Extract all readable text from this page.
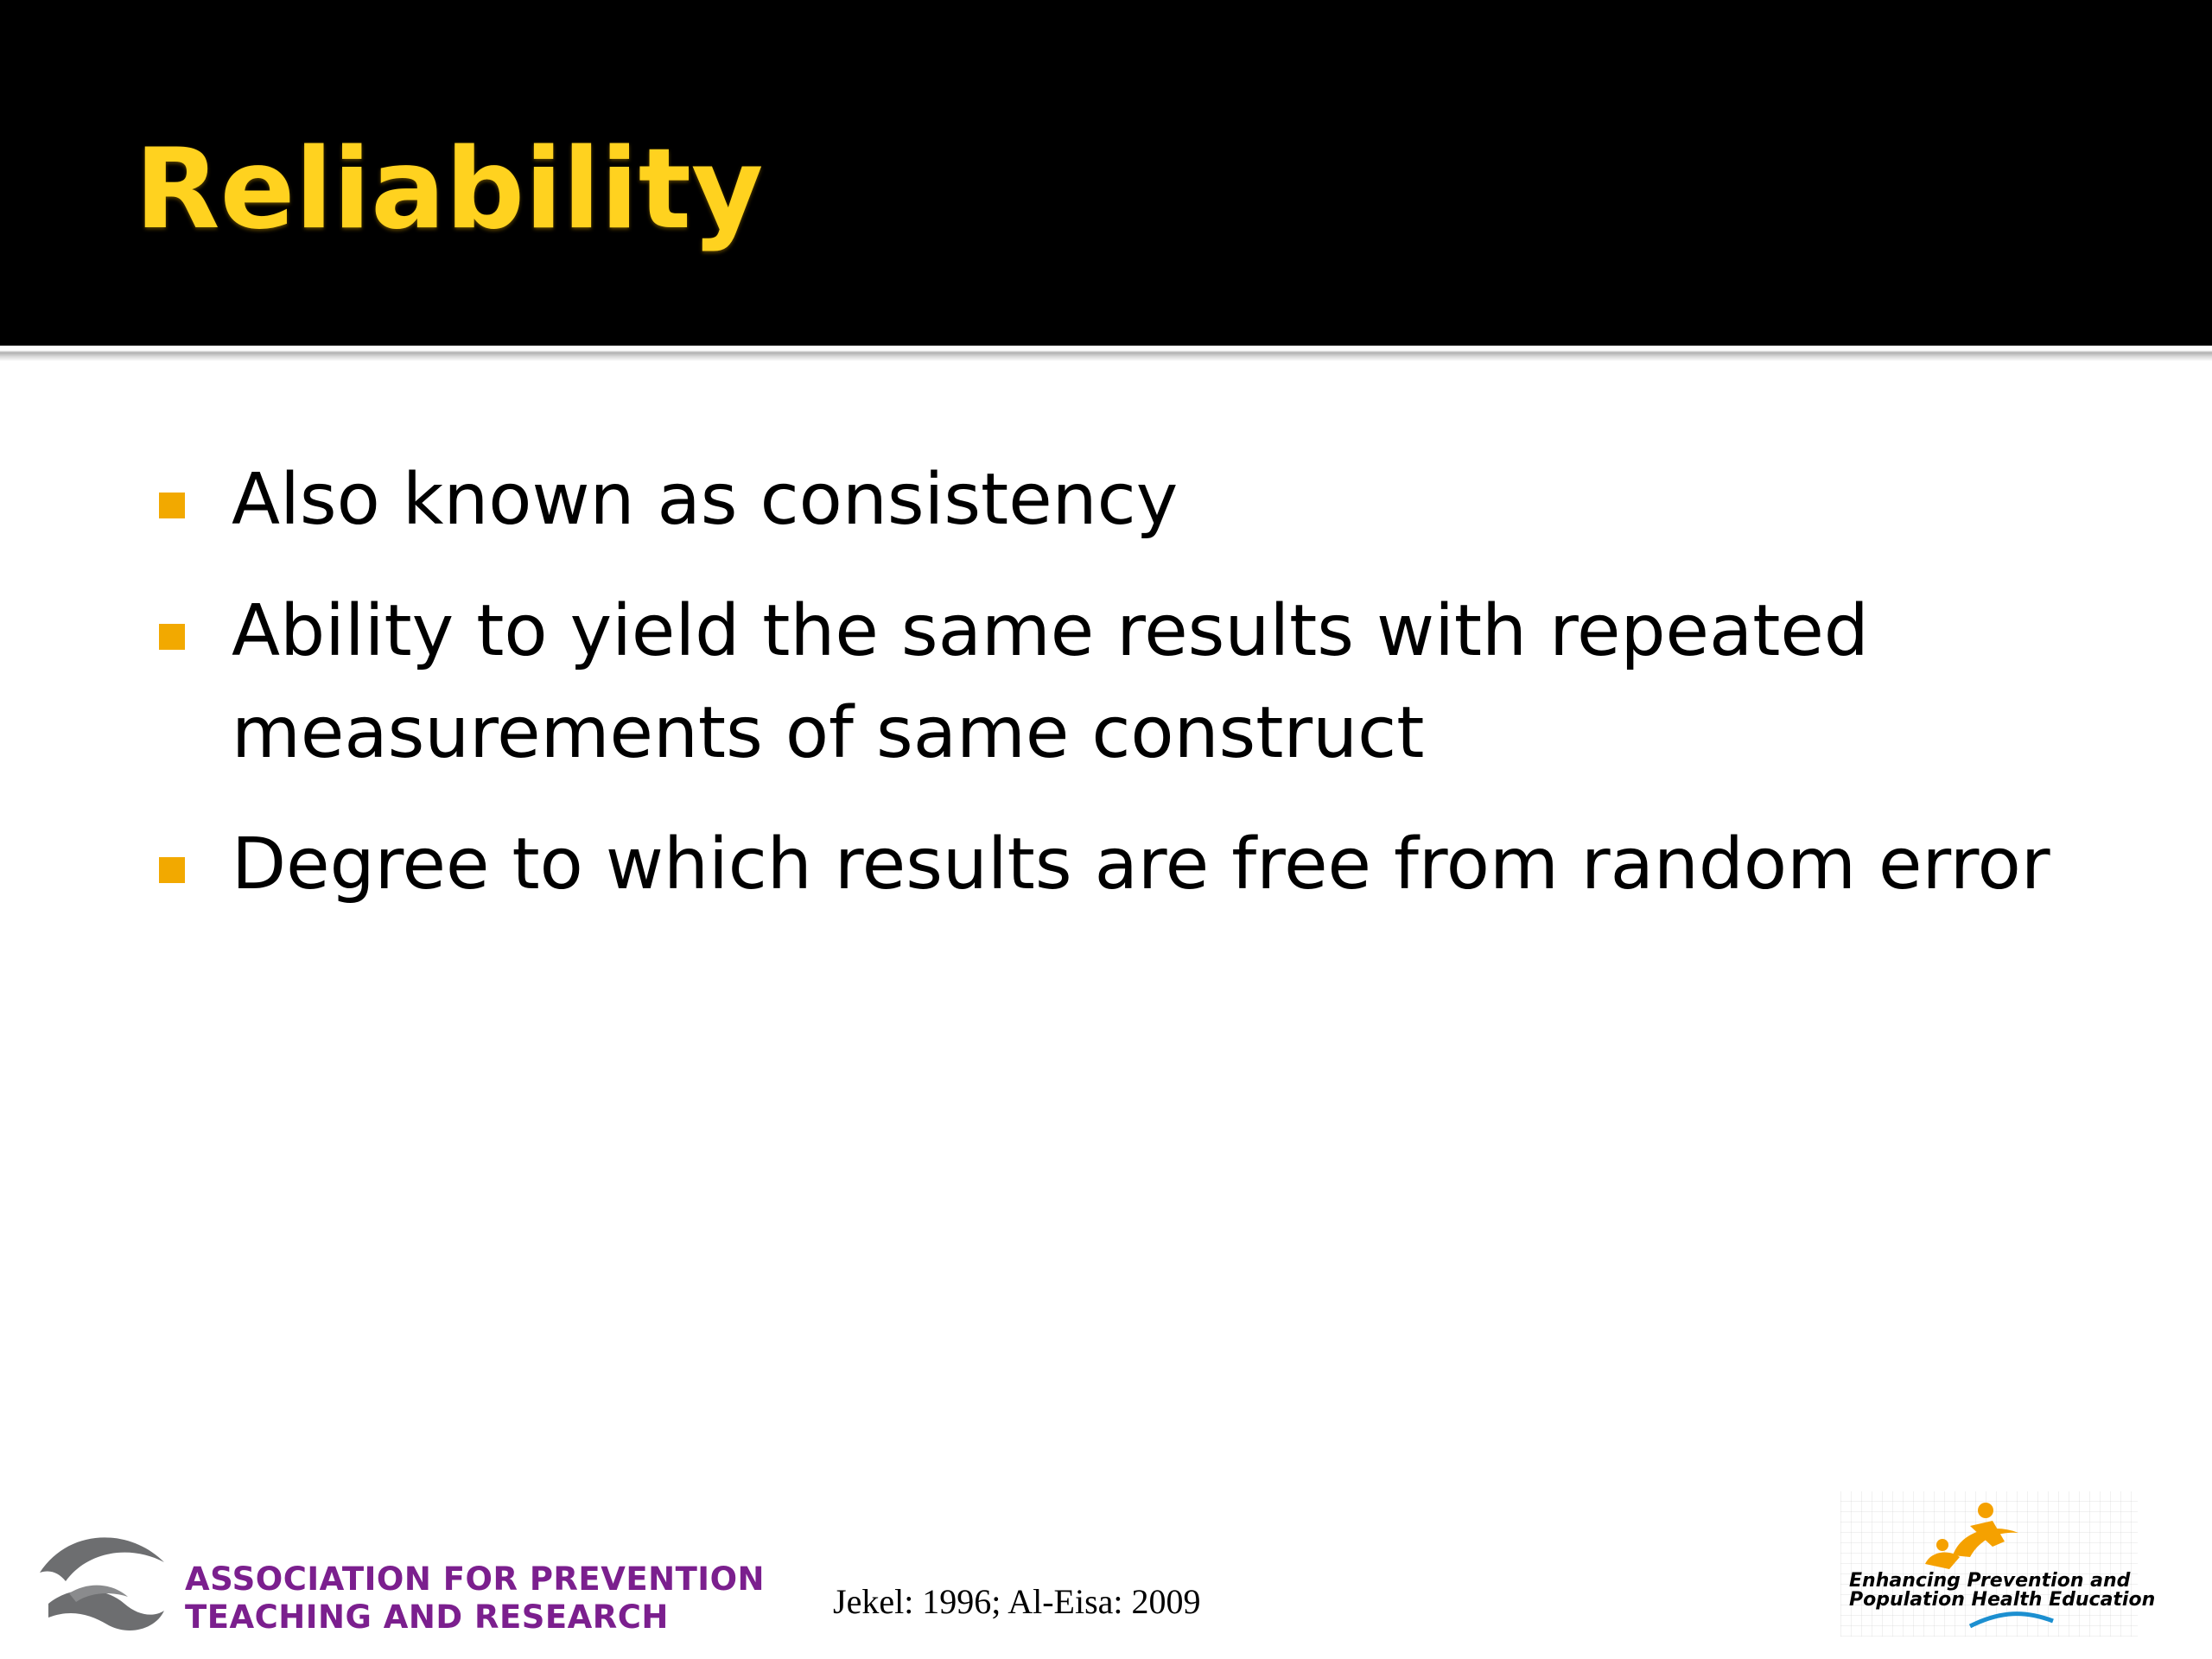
Reliability
Also known as consistency
Ability to yield the same results with repeated measurements of same construct
Degree to which results are free from random error
ASSOCIATION FOR PREVENTION
TEACHING AND RESEARCH	Jekel: 1996; Al-Eisa: 2009
Enhancing Prevention and
Population Health Education
